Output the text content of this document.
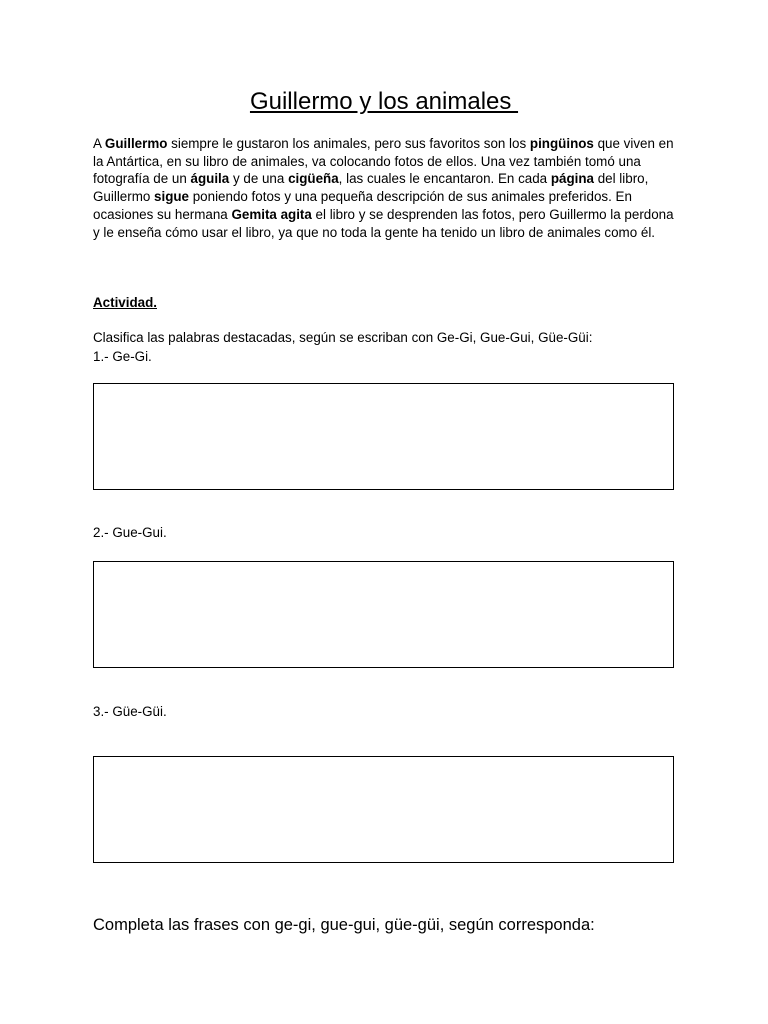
Guillermo y los animales
A Guillermo siempre le gustaron los animales, pero sus favoritos son los pingüinos que viven en la Antártica, en su libro de animales, va colocando fotos de ellos. Una vez también tomó una fotografía de un águila y de una cigüeña, las cuales le encantaron. En cada página del libro, Guillermo sigue poniendo fotos y una pequeña descripción de sus animales preferidos. En ocasiones su hermana Gemita agita el libro y se desprenden las fotos, pero Guillermo la perdona y le enseña cómo usar el libro, ya que no toda la gente ha tenido un libro de animales como él.
Actividad.
Clasifica las palabras destacadas, según se escriban con Ge-Gi, Gue-Gui, Güe-Güi:
1.- Ge-Gi.
2.- Gue-Gui.
3.- Güe-Güi.
Completa las frases con ge-gi, gue-gui, güe-güi, según corresponda:
